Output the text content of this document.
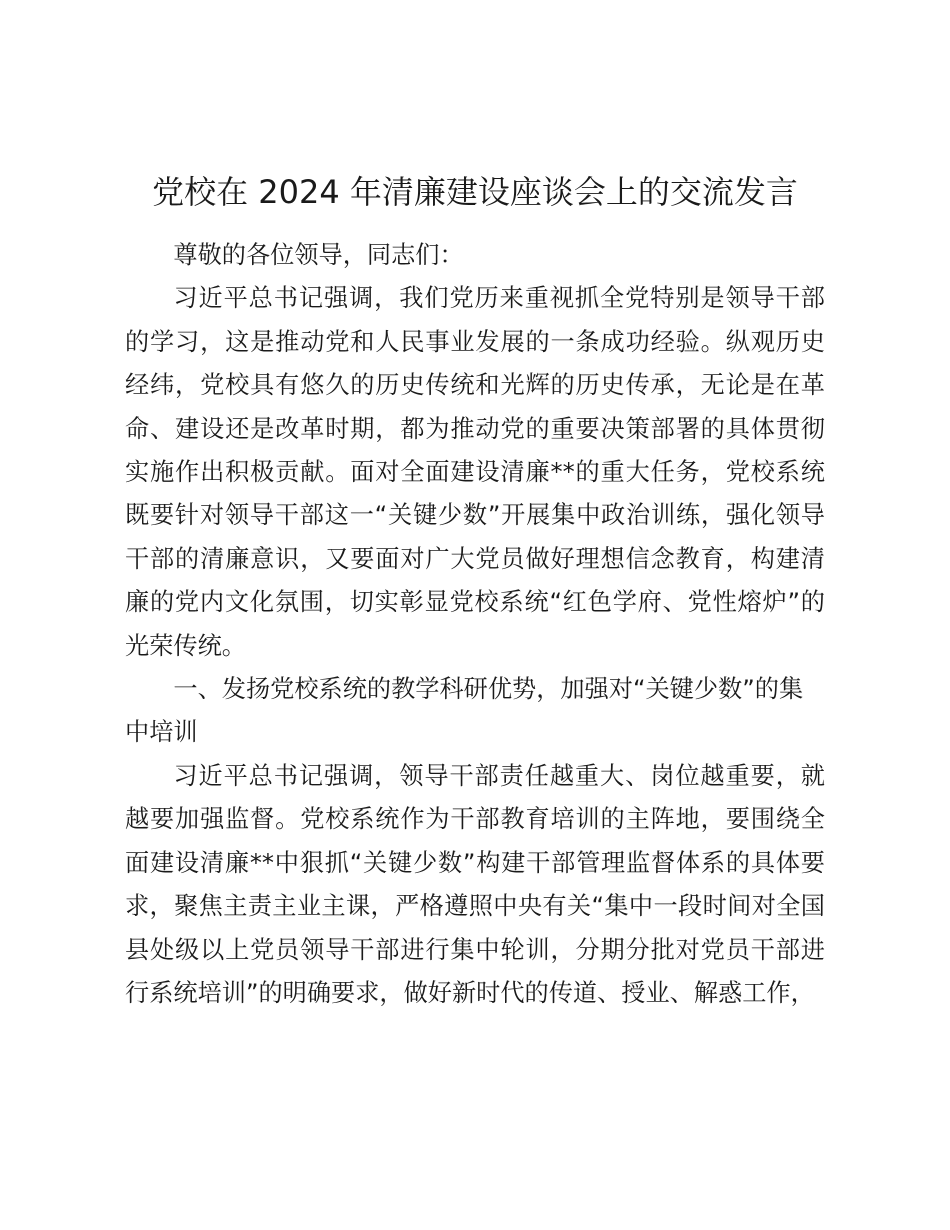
党校在 2024 年清廉建设座谈会上的交流发言

尊敬的各位领导，同志们：

习近平总书记强调，我们党历来重视抓全党特别是领导干部的学习，这是推动党和人民事业发展的一条成功经验。纵观历史经纬，党校具有悠久的历史传统和光辉的历史传承，无论是在革命、建设还是改革时期，都为推动党的重要决策部署的具体贯彻实施作出积极贡献。面对全面建设清廉**的重大任务，党校系统既要针对领导干部这一“关键少数”开展集中政治训练，强化领导干部的清廉意识，又要面对广大党员做好理想信念教育，构建清廉的党内文化氛围，切实彰显党校系统“红色学府、党性熔炉”的光荣传统。

一、发扬党校系统的教学科研优势，加强对“关键少数”的集中培训

习近平总书记强调，领导干部责任越重大、岗位越重要，就越要加强监督。党校系统作为干部教育培训的主阵地，要围绕全面建设清廉**中狠抓“关键少数”构建干部管理监督体系的具体要求，聚焦主责主业主课，严格遵照中央有关“集中一段时间对全国县处级以上党员领导干部进行集中轮训，分期分批对党员干部进行系统培训”的明确要求，做好新时代的传道、授业、解惑工作，
